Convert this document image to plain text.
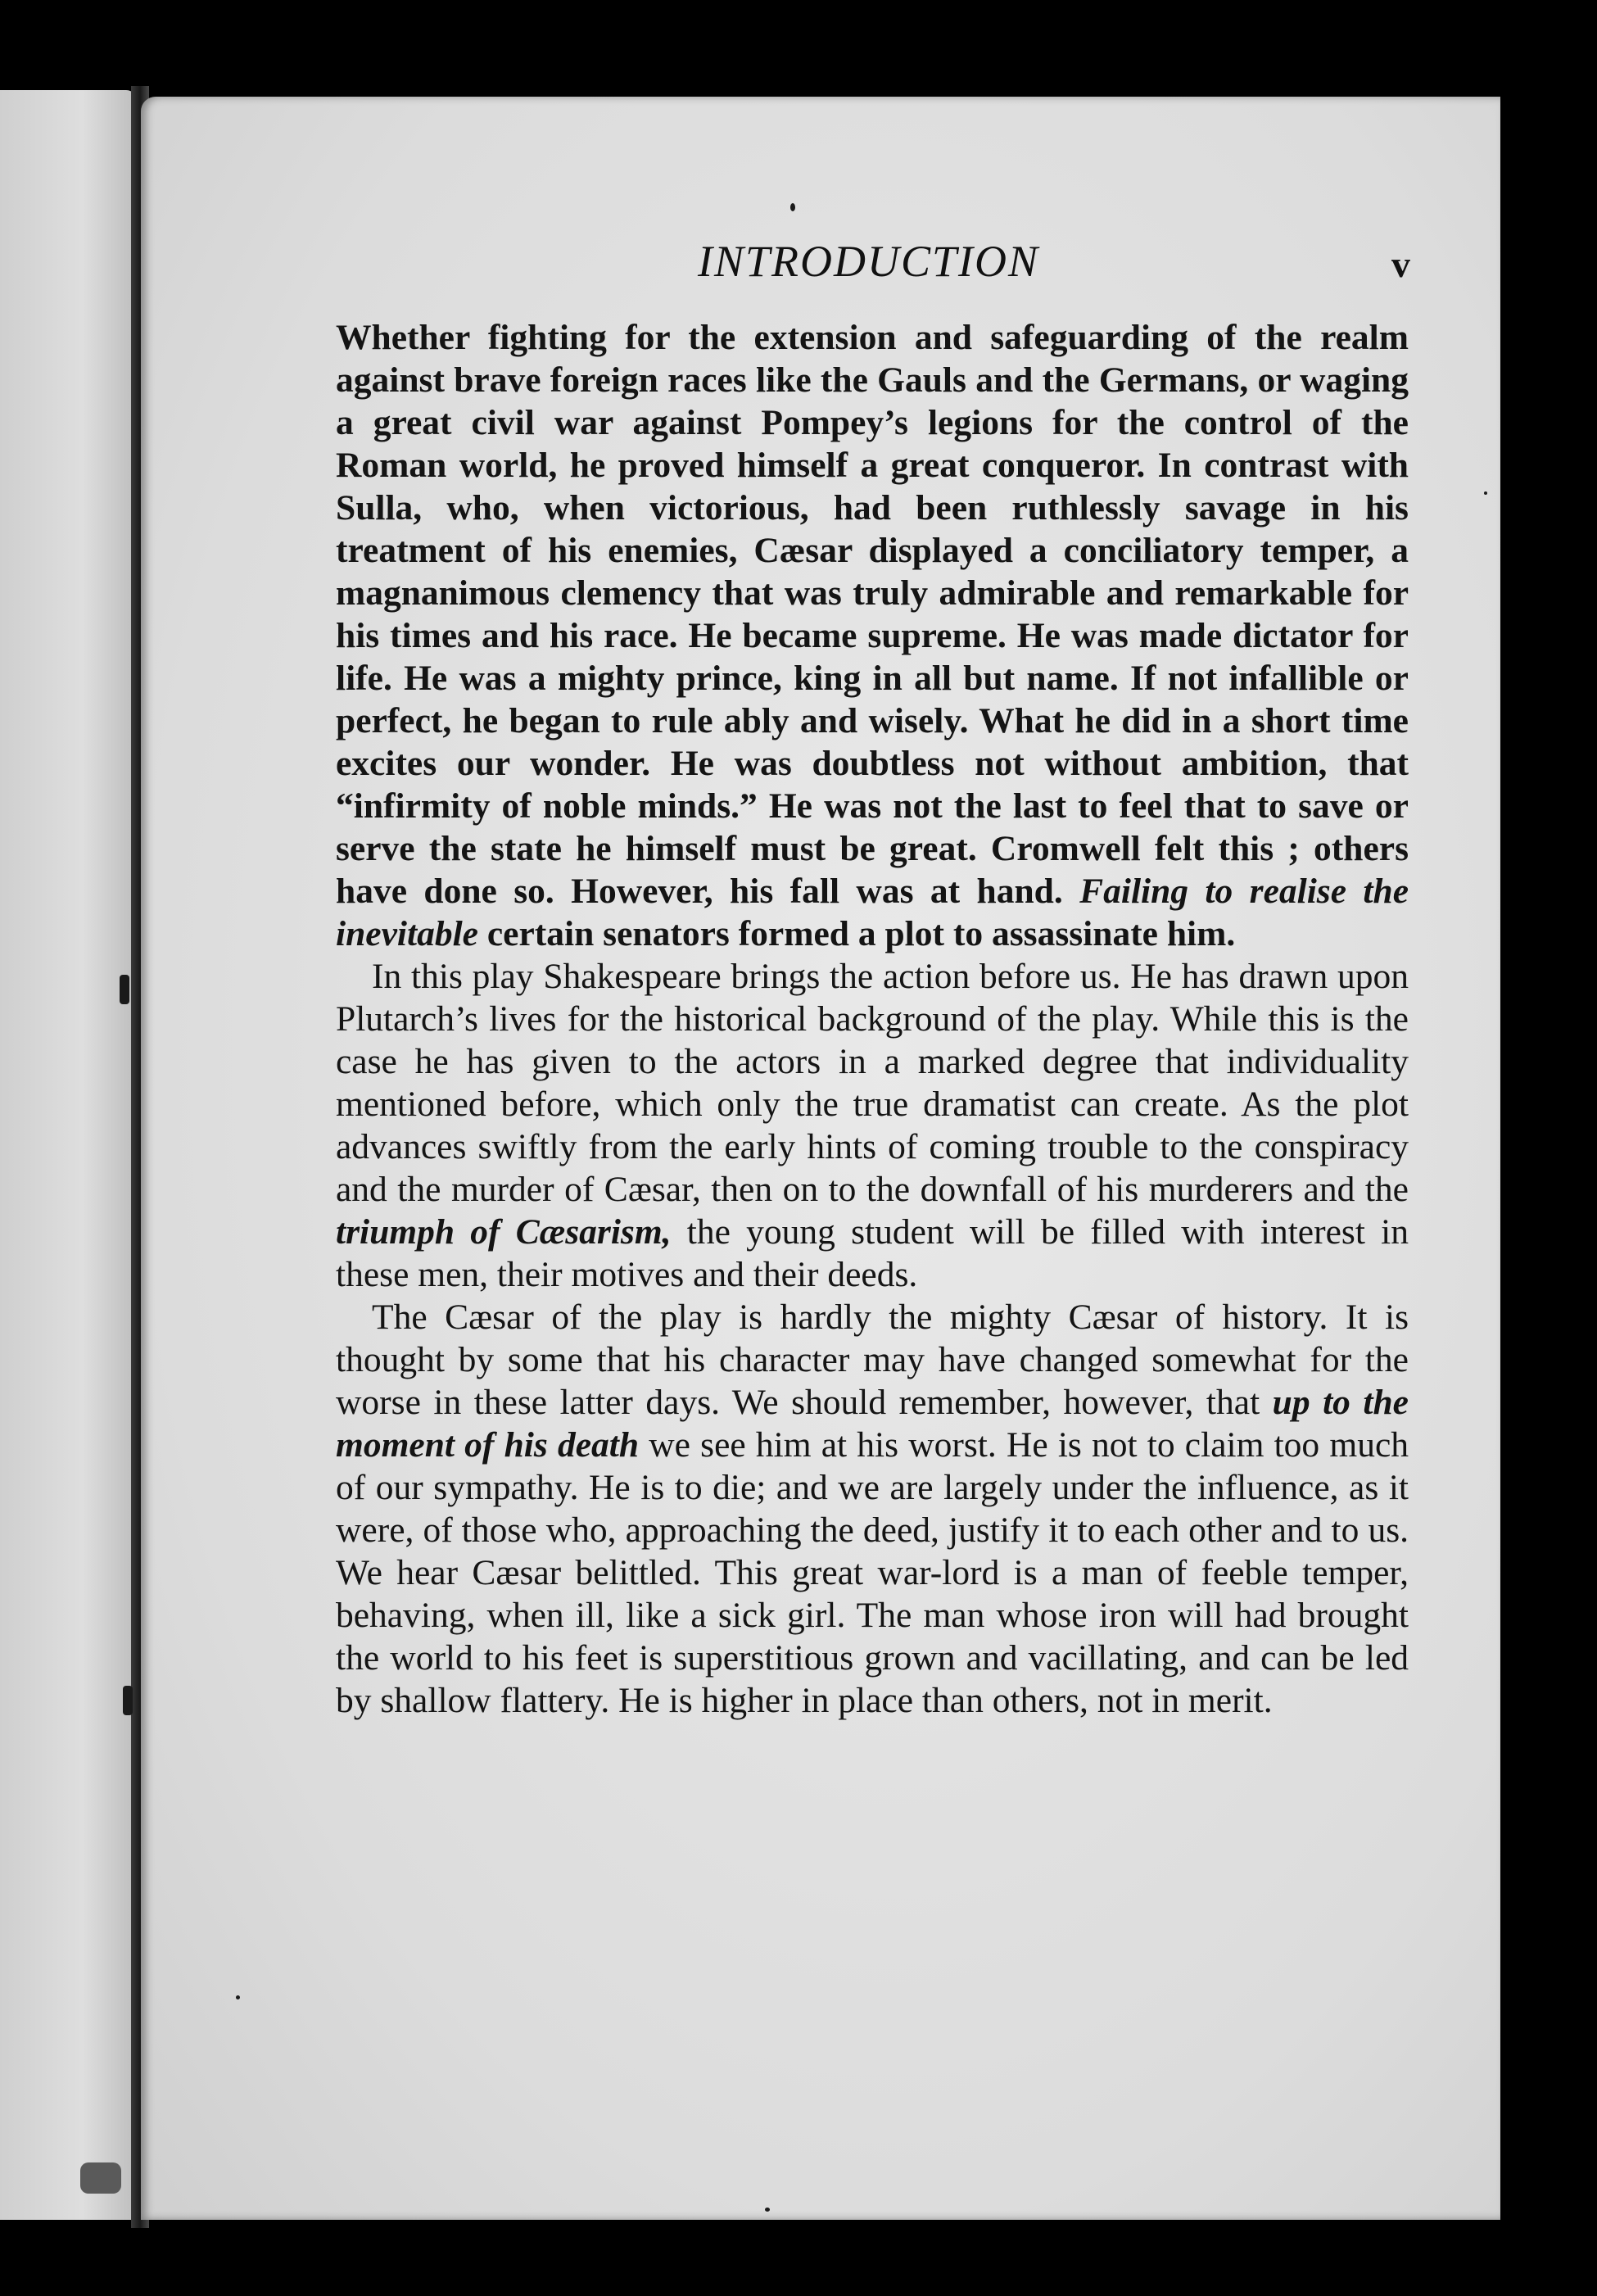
INTRODUCTION	v

Whether fighting for the extension and safeguarding of the realm against brave foreign races like the Gauls and the Germans, or waging a great civil war against Pompey’s legions for the control of the Roman world, he proved himself a great conqueror. In contrast with Sulla, who, when victorious, had been ruthlessly savage in his treatment of his enemies, Cæsar displayed a conciliatory temper, a magnanimous clemency that was truly admirable and remarkable for his times and his race. He became supreme. He was made dictator for life. He was a mighty prince, king in all but name. If not infallible or perfect, he began to rule ably and wisely. What he did in a short time excites our wonder. He was doubtless not without ambition, that “infirmity of noble minds.” He was not the last to feel that to save or serve the state he himself must be great. Cromwell felt this ; others have done so. However, his fall was at hand. Failing to realise the inevitable certain senators formed a plot to assassinate him.

In this play Shakespeare brings the action before us. He has drawn upon Plutarch’s lives for the historical background of the play. While this is the case he has given to the actors in a marked degree that individuality mentioned before, which only the true dramatist can create. As the plot advances swiftly from the early hints of coming trouble to the conspiracy and the murder of Cæsar, then on to the downfall of his murderers and the triumph of Cæsarism, the young student will be filled with interest in these men, their motives and their deeds.

The Cæsar of the play is hardly the mighty Cæsar of history. It is thought by some that his character may have changed somewhat for the worse in these latter days. We should remember, however, that up to the moment of his death we see him at his worst. He is not to claim too much of our sympathy. He is to die; and we are largely under the influence, as it were, of those who, approaching the deed, justify it to each other and to us. We hear Cæsar belittled. This great war-lord is a man of feeble temper, behaving, when ill, like a sick girl. The man whose iron will had brought the world to his feet is superstitious grown and vacillating, and can be led by shallow flattery. He is higher in place than others, not in merit.
